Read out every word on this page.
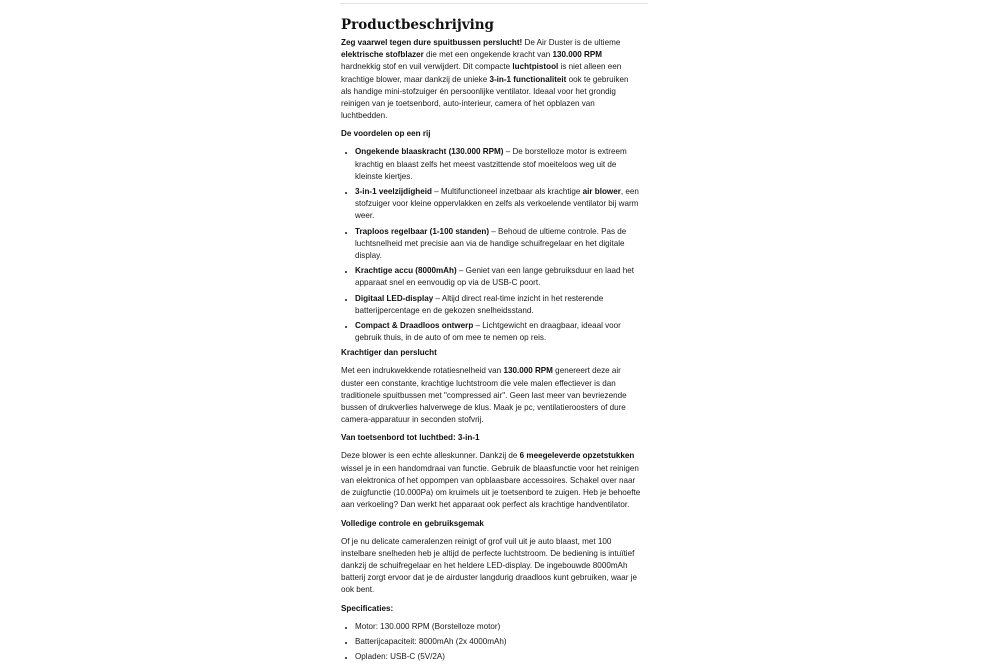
Productbeschrijving

Zeg vaarwel tegen dure spuitbussen perslucht! De Air Duster is de ultieme elektrische stofblazer die met een ongekende kracht van 130.000 RPM hardnekkig stof en vuil verwijdert. Dit compacte luchtpistool is niet alleen een krachtige blower, maar dankzij de unieke 3-in-1 functionaliteit ook te gebruiken als handige mini-stofzuiger én persoonlijke ventilator. Ideaal voor het grondig reinigen van je toetsenbord, auto-interieur, camera of het opblazen van luchtbedden.

De voordelen op een rij
• Ongekende blaaskracht (130.000 RPM) – De borstelloze motor is extreem krachtig en blaast zelfs het meest vastzittende stof moeiteloos weg uit de kleinste kiertjes.
• 3-in-1 veelzijdigheid – Multifunctioneel inzetbaar als krachtige air blower, een stofzuiger voor kleine oppervlakken en zelfs als verkoelende ventilator bij warm weer.
• Traploos regelbaar (1-100 standen) – Behoud de ultieme controle. Pas de luchtsnelheid met precisie aan via de handige schuifregelaar en het digitale display.
• Krachtige accu (8000mAh) – Geniet van een lange gebruiksduur en laad het apparaat snel en eenvoudig op via de USB-C poort.
• Digitaal LED-display – Altijd direct real-time inzicht in het resterende batterijpercentage en de gekozen snelheidsstand.
• Compact & Draadloos ontwerp – Lichtgewicht en draagbaar, ideaal voor gebruik thuis, in de auto of om mee te nemen op reis.
Krachtiger dan perslucht

Met een indrukwekkende rotatiesnelheid van 130.000 RPM genereert deze air duster een constante, krachtige luchtstroom die vele malen effectiever is dan traditionele spuitbussen met "compressed air". Geen last meer van bevriezende bussen of drukverlies halverwege de klus. Maak je pc, ventilatieroosters of dure camera-apparatuur in seconden stofvrij.

Van toetsenbord tot luchtbed: 3-in-1

Deze blower is een echte alleskunner. Dankzij de 6 meegeleverde opzetstukken wissel je in een handomdraai van functie. Gebruik de blaasfunctie voor het reinigen van elektronica of het oppompen van opblaasbare accessoires. Schakel over naar de zuigfunctie (10.000Pa) om kruimels uit je toetsenbord te zuigen. Heb je behoefte aan verkoeling? Dan werkt het apparaat ook perfect als krachtige handventilator.

Volledige controle en gebruiksgemak

Of je nu delicate cameralenzen reinigt of grof vuil uit je auto blaast, met 100 instelbare snelheden heb je altijd de perfecte luchtstroom. De bediening is intuïtief dankzij de schuifregelaar en het heldere LED-display. De ingebouwde 8000mAh batterij zorgt ervoor dat je de airduster langdurig draadloos kunt gebruiken, waar je ook bent.

Specificaties:
• Motor: 130.000 RPM (Borstelloze motor)
• Batterijcapaciteit: 8000mAh (2x 4000mAh)
• Opladen: USB-C (5V/2A)
